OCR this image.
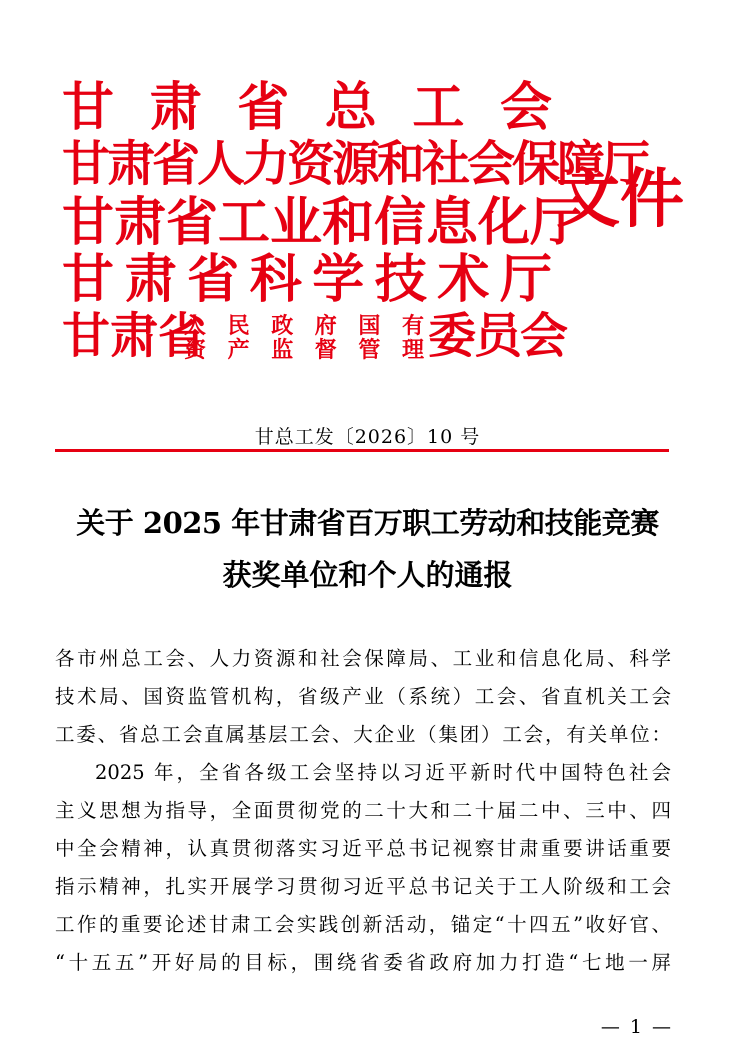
甘 肃 省 总 工 会
甘肃省人力资源和社会保障厅
甘肃省工业和信息化厅
甘肃省科学技术厅
甘肃省
人民政府国有
资产监督管理 委员会
文件
甘总工发〔2026〕10 号
关于 2025 年甘肃省百万职工劳动和技能竞赛
获奖单位和个人的通报

各市州总工会、人力资源和社会保障局、工业和信息化局、科学
技术局、国资监管机构，省级产业（系统）工会、省直机关工会
工委、省总工会直属基层工会、大企业（集团）工会，有关单位：

2025 年，全省各级工会坚持以习近平新时代中国特色社会
主义思想为指导，全面贯彻党的二十大和二十届二中、三中、四
中全会精神，认真贯彻落实习近平总书记视察甘肃重要讲话重要
指示精神，扎实开展学习贯彻习近平总书记关于工人阶级和工会
工作的重要论述甘肃工会实践创新活动，锚定“十四五”收好官、
“十五五”开好局的目标，围绕省委省政府加力打造“七地一屏

— 1 —
